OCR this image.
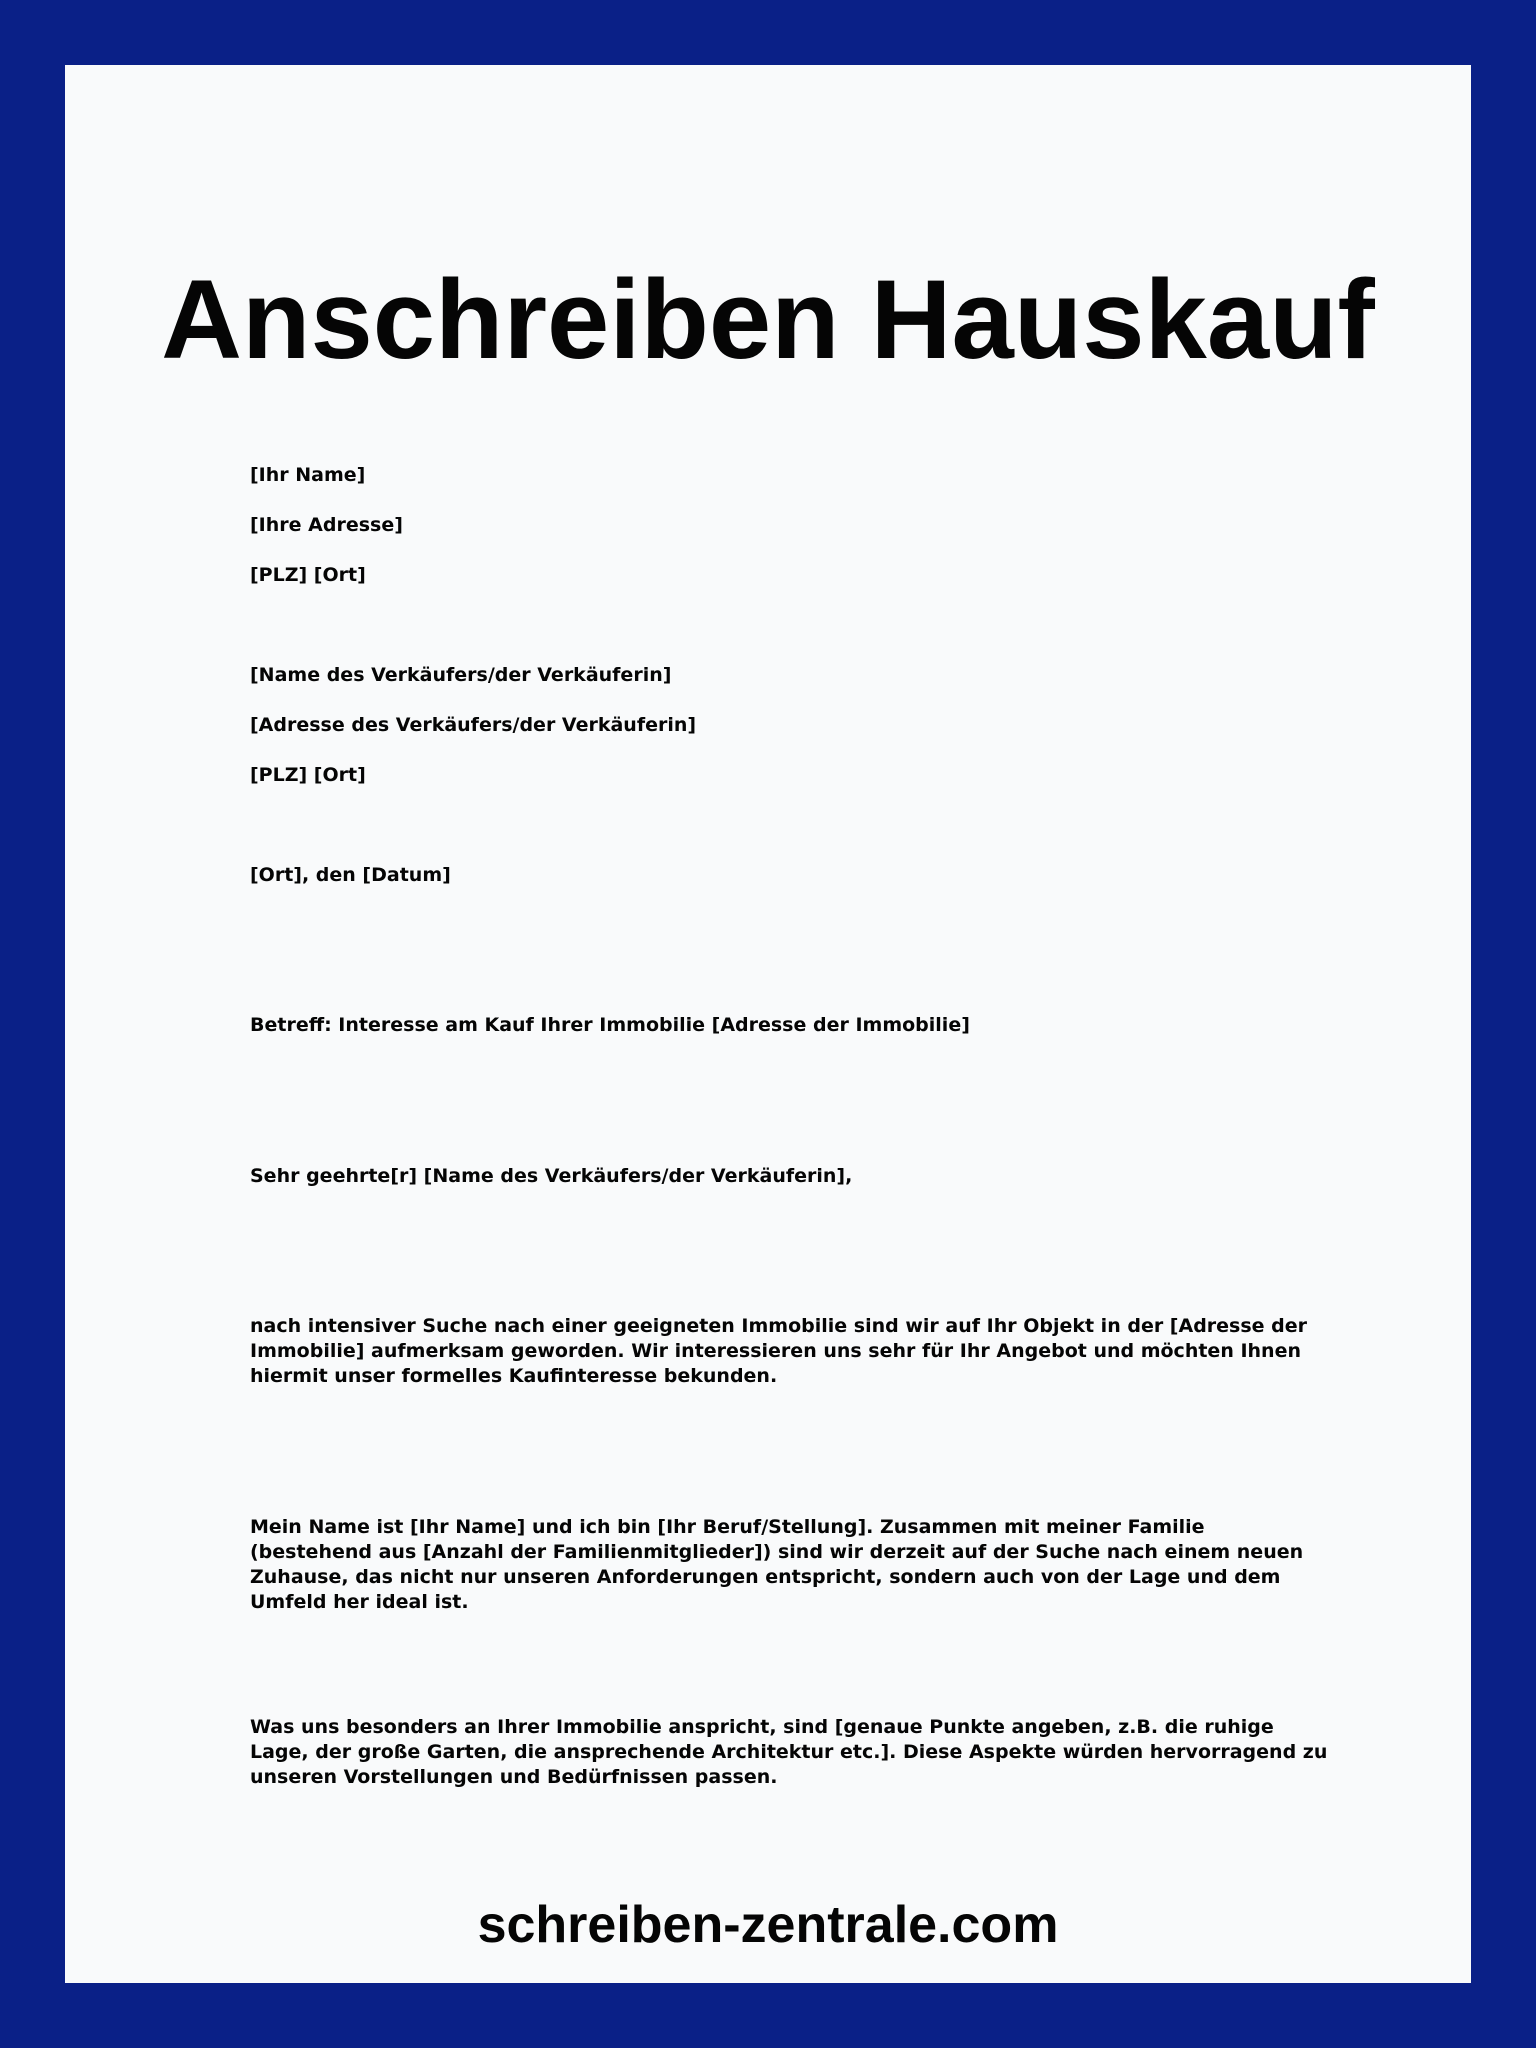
Anschreiben Hauskauf

[Ihr Name]

[Ihre Adresse]

[PLZ] [Ort]

[Name des Verkäufers/der Verkäuferin]

[Adresse des Verkäufers/der Verkäuferin]

[PLZ] [Ort]

[Ort], den [Datum]

Betreff: Interesse am Kauf Ihrer Immobilie [Adresse der Immobilie]

Sehr geehrte[r] [Name des Verkäufers/der Verkäuferin],

nach intensiver Suche nach einer geeigneten Immobilie sind wir auf Ihr Objekt in der [Adresse der Immobilie] aufmerksam geworden. Wir interessieren uns sehr für Ihr Angebot und möchten Ihnen hiermit unser formelles Kaufinteresse bekunden.

Mein Name ist [Ihr Name] und ich bin [Ihr Beruf/Stellung]. Zusammen mit meiner Familie (bestehend aus [Anzahl der Familienmitglieder]) sind wir derzeit auf der Suche nach einem neuen Zuhause, das nicht nur unseren Anforderungen entspricht, sondern auch von der Lage und dem Umfeld her ideal ist.

Was uns besonders an Ihrer Immobilie anspricht, sind [genaue Punkte angeben, z.B. die ruhige Lage, der große Garten, die ansprechende Architektur etc.]. Diese Aspekte würden hervorragend zu unseren Vorstellungen und Bedürfnissen passen.

schreiben-zentrale.com
